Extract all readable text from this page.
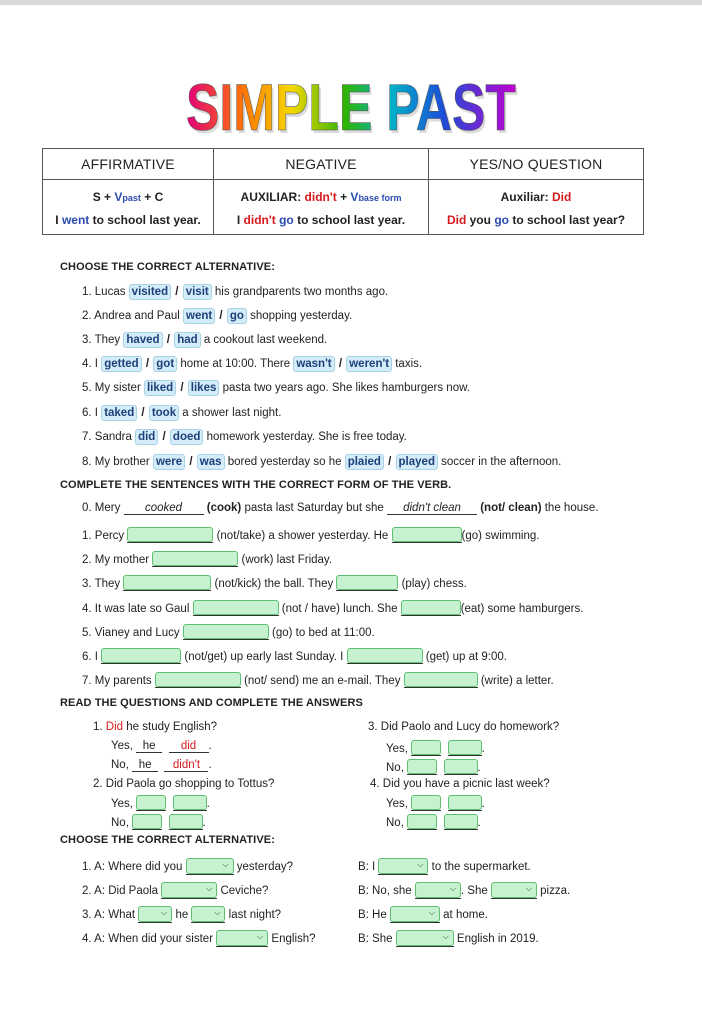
SIMPLE PAST
SIMPLE PAST
AFFIRMATIVE	NEGATIVE	YES/NO QUESTION
S + Vpast + C	AUXILIAR: didn't + Vbase form	Auxiliar: Did
I went to school last year.	I didn't go to school last year.	Did you go to school last year?
CHOOSE THE CORRECT ALTERNATIVE:
1. Lucas visited / visit his grandparents two months ago.
2. Andrea and Paul went / go shopping yesterday.
3. They haved / had a cookout last weekend.
4. I getted / got home at 10:00. There wasn't / weren't taxis.
5. My sister liked / likes pasta two years ago. She likes hamburgers now.
6. I taked / took a shower last night.
7. Sandra did / doed homework yesterday. She is free today.
8. My brother were / was bored yesterday so he plaied / played soccer in the afternoon.
COMPLETE THE SENTENCES WITH THE CORRECT FORM OF THE VERB.
0. Mery cooked (cook) pasta last Saturday but she didn't clean (not/ clean) the house.
1. Percy	(not/take) a shower yesterday. He	(go) swimming.
2. My mother	(work) last Friday.
3. They	(not/kick) the ball. They	(play) chess.
4. It was late so Gaul	(not / have) lunch. She	(eat) some hamburgers.
5. Vianey and Lucy	(go) to bed at 11:00.
6. I	(not/get) up early last Sunday. I	(get) up at 9:00.
7. My parents	(not/ send) me an e-mail. They	(write) a letter.
READ THE QUESTIONS AND COMPLETE THE ANSWERS
1. Did he study English?
Yes, he did .
No, he didn't .
2. Did Paola go shopping to Tottus?
Yes,	.
No,	.
3. Did Paolo and Lucy do homework?
Yes,	.
No,	.
4. Did you have a picnic last week?
Yes,	.
No,	.
CHOOSE THE CORRECT ALTERNATIVE:
1. A: Where did you	⌵ yesterday?	B: I	⌵ to the supermarket.
2. A: Did Paola	⌵ Ceviche?	B: No, she	⌵ . She	⌵ pizza.
3. A: What	⌵ he	⌵ last night?	B: He	⌵ at home.
4. A: When did your sister	⌵ English?	B: She	⌵ English in 2019.
